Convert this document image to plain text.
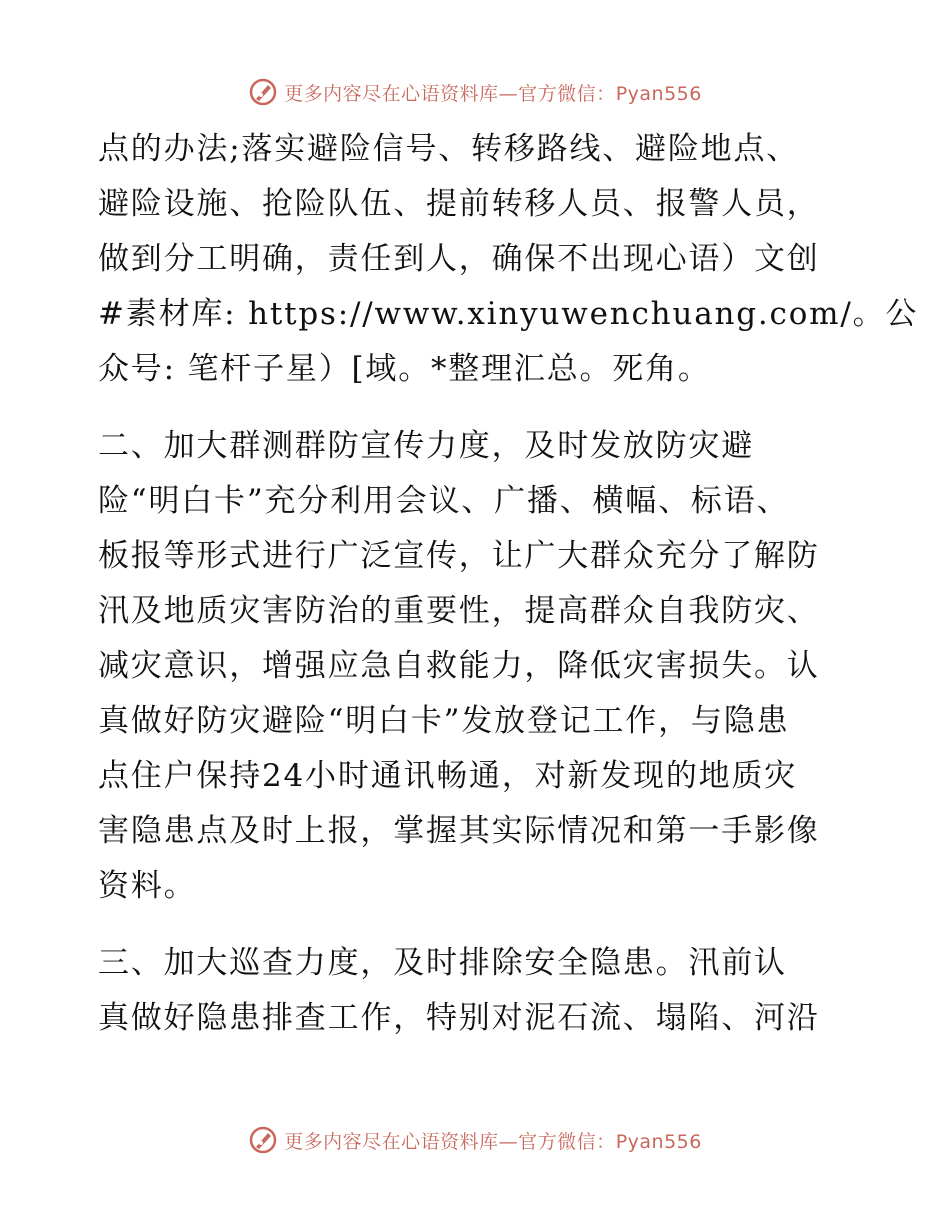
更多内容尽在心语资料库—官方微信：Pyan556
点的办法;落实避险信号、转移路线、避险地点、
避险设施、抢险队伍、提前转移人员、报警人员，
做到分工明确，责任到人，确保不出现心语）文创
#素材库: https://www.xinyuwenchuang.com/。公
众号: 笔杆子星）[域。*整理汇总。死角。
二、加大群测群防宣传力度，及时发放防灾避
险“明白卡”充分利用会议、广播、横幅、标语、
板报等形式进行广泛宣传，让广大群众充分了解防
汛及地质灾害防治的重要性，提高群众自我防灾、
减灾意识，增强应急自救能力，降低灾害损失。认
真做好防灾避险“明白卡”发放登记工作，与隐患
点住户保持24小时通讯畅通，对新发现的地质灾
害隐患点及时上报，掌握其实际情况和第一手影像
资料。
三、加大巡查力度，及时排除安全隐患。汛前认
真做好隐患排查工作，特别对泥石流、塌陷、河沿
更多内容尽在心语资料库—官方微信：Pyan556
